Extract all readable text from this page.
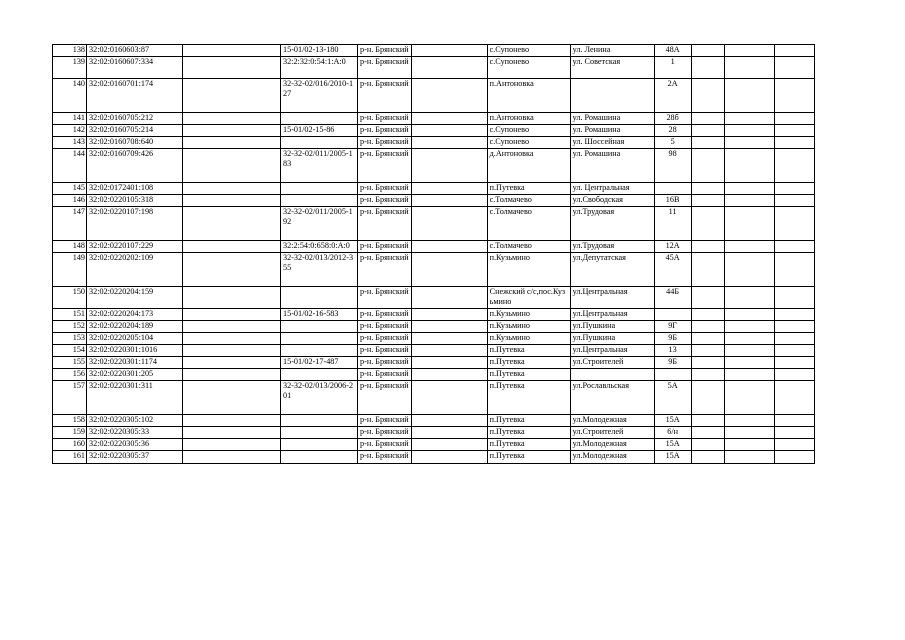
138	32:02:0160603:87		15-01/02-13-180	р-н. Брянский		с.Супонево	ул. Ленина	48А			
139	32:02:0160607:334		32:2:32:0:54:1:А:0	р-н. Брянский		с.Супонево	ул. Советская	1			
140	32:02:0160701:174		32-32-02/016/2010-127	р-н. Брянский		п.Антоновка		2А			
141	32:02:0160705:212			р-н. Брянский		п.Антоновка	ул. Ромашина	28б			
142	32:02:0160705:214		15-01/02-15-86	р-н. Брянский		с.Супонево	ул. Ромашина	28			
143	32:02:0160708:640			р-н. Брянский		с.Супонево	ул. Шоссейная	5			
144	32:02:0160709:426		32-32-02/011/2005-183	р-н. Брянский		д.Антоновка	ул. Ромашина	98			
145	32:02:0172401:108			р-н. Брянский		п.Путевка	ул. Центральная				
146	32:02:0220105:318			р-н. Брянский		с.Толмачево	ул.Свободская	16В			
147	32:02:0220107:198		32-32-02/011/2005-192	р-н. Брянский		с.Толмачево	ул.Трудовая	11			
148	32:02:0220107:229		32:2:54:0:658:0:А:0	р-н. Брянский		с.Толмачево	ул.Трудовая	12А			
149	32:02:0220202:109		32-32-02/013/2012-355	р-н. Брянский		п.Кузьмино	ул.Депутатская	45А			
150	32:02:0220204:159			р-н. Брянский		Снежский с/с,пос.Кузьмино	ул.Центральная	44Б			
151	32:02:0220204:173		15-01/02-16-583	р-н. Брянский		п.Кузьмино	ул.Центральная				
152	32:02:0220204:189			р-н. Брянский		п.Кузьмино	ул.Пушкина	9Г			
153	32:02:0220205:104			р-н. Брянский		п.Кузьмино	ул.Пушкина	9Б			
154	32:02:0220301:1016			р-н. Брянский		п.Путевка	ул.Центральная	13			
155	32:02:0220301:1174		15-01/02-17-487	р-н. Брянский		п.Путевка	ул.Строителей	9Б			
156	32:02:0220301:205			р-н. Брянский		п.Путевка					
157	32:02:0220301:311		32-32-02/013/2006-201	р-н. Брянский		п.Путевка	ул.Рославльская	5А			
158	32:02:0220305:102			р-н. Брянский		п.Путевка	ул.Молодежная	15А			
159	32:02:0220305:33			р-н. Брянский		п.Путевка	ул.Строителей	6/н			
160	32:02:0220305:36			р-н. Брянский		п.Путевка	ул.Молодежная	15А			
161	32:02:0220305:37			р-н. Брянский		п.Путевка	ул.Молодежная	15А			
